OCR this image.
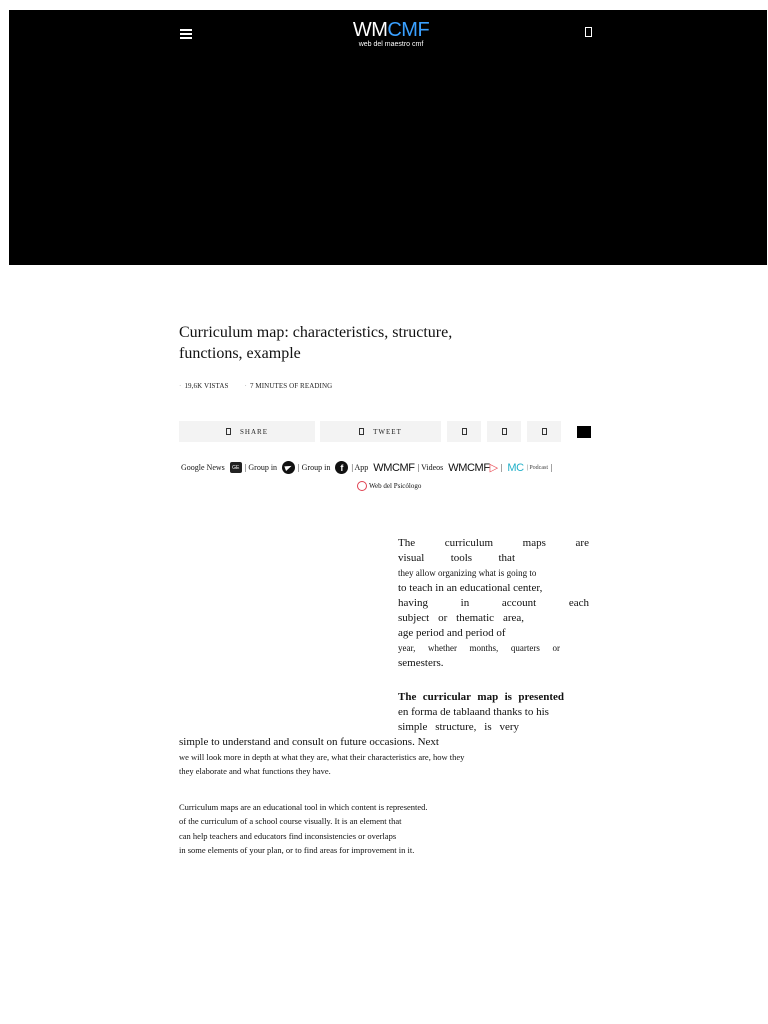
WMCMF
web del maestro cmf
Curriculum map: characteristics, structure, functions, example
· 19,6K VISTAS · 7 MINUTES OF READING
SHARE	TWEET
Google News	GE | Group in	| Group in	f	| App WMCMF | Videos WMCMF▷ | MC | Podcast |
Web del Psicólogo
The	curriculum	maps	are
visual tools that
they allow organizing what is going to
to teach in an educational center,
having	in	account	each
subject or thematic area,
age period and period of
year, whether months, quarters or
semesters.
The curricular map is presented
en forma de tabla and thanks to his
simple structure, is very
simple to understand and consult on future occasions. Next
we will look more in depth at what they are, what their characteristics are, how they
they elaborate and what functions they have.
Curriculum maps are an educational tool in which content is represented.
of the curriculum of a school course visually. It is an element that
can help teachers and educators find inconsistencies or overlaps
in some elements of your plan, or to find areas for improvement in it.
